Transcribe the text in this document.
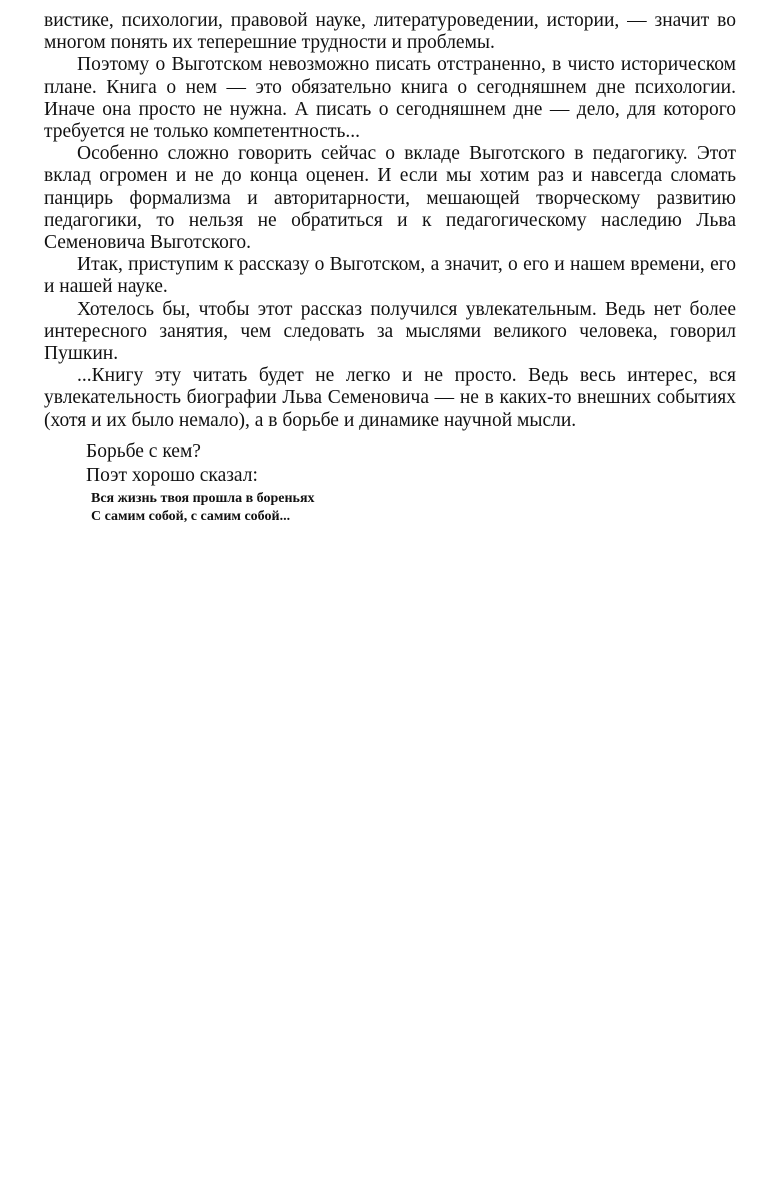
вистике, психологии, правовой науке, литературоведении, истории, — значит во многом понять их теперешние трудности и проблемы.

Поэтому о Выготском невозможно писать отстраненно, в чисто историческом плане. Книга о нем — это обязательно книга о сегодняшнем дне психологии. Иначе она просто не нужна. А писать о сегодняшнем дне — дело, для которого требуется не только компетентность...

Особенно сложно говорить сейчас о вкладе Выготского в педагогику. Этот вклад огромен и не до конца оценен. И если мы хотим раз и навсегда сломать панцирь формализма и авторитарности, мешающей творческому развитию педагогики, то нельзя не обратиться и к педагогическому наследию Льва Семеновича Выготского.

Итак, приступим к рассказу о Выготском, а значит, о его и нашем времени, его и нашей науке.

Хотелось бы, чтобы этот рассказ получился увлекательным. Ведь нет более интересного занятия, чем следовать за мыслями великого человека, говорил Пушкин.

...Книгу эту читать будет не легко и не просто. Ведь весь интерес, вся увлекательность биографии Льва Семеновича — не в каких-то внешних событиях (хотя и их было немало), а в борьбе и динамике научной мысли.

Борьбе с кем?

Поэт хорошо сказал:

Вся жизнь твоя прошла в бореньях
С самим собой, с самим собой...
